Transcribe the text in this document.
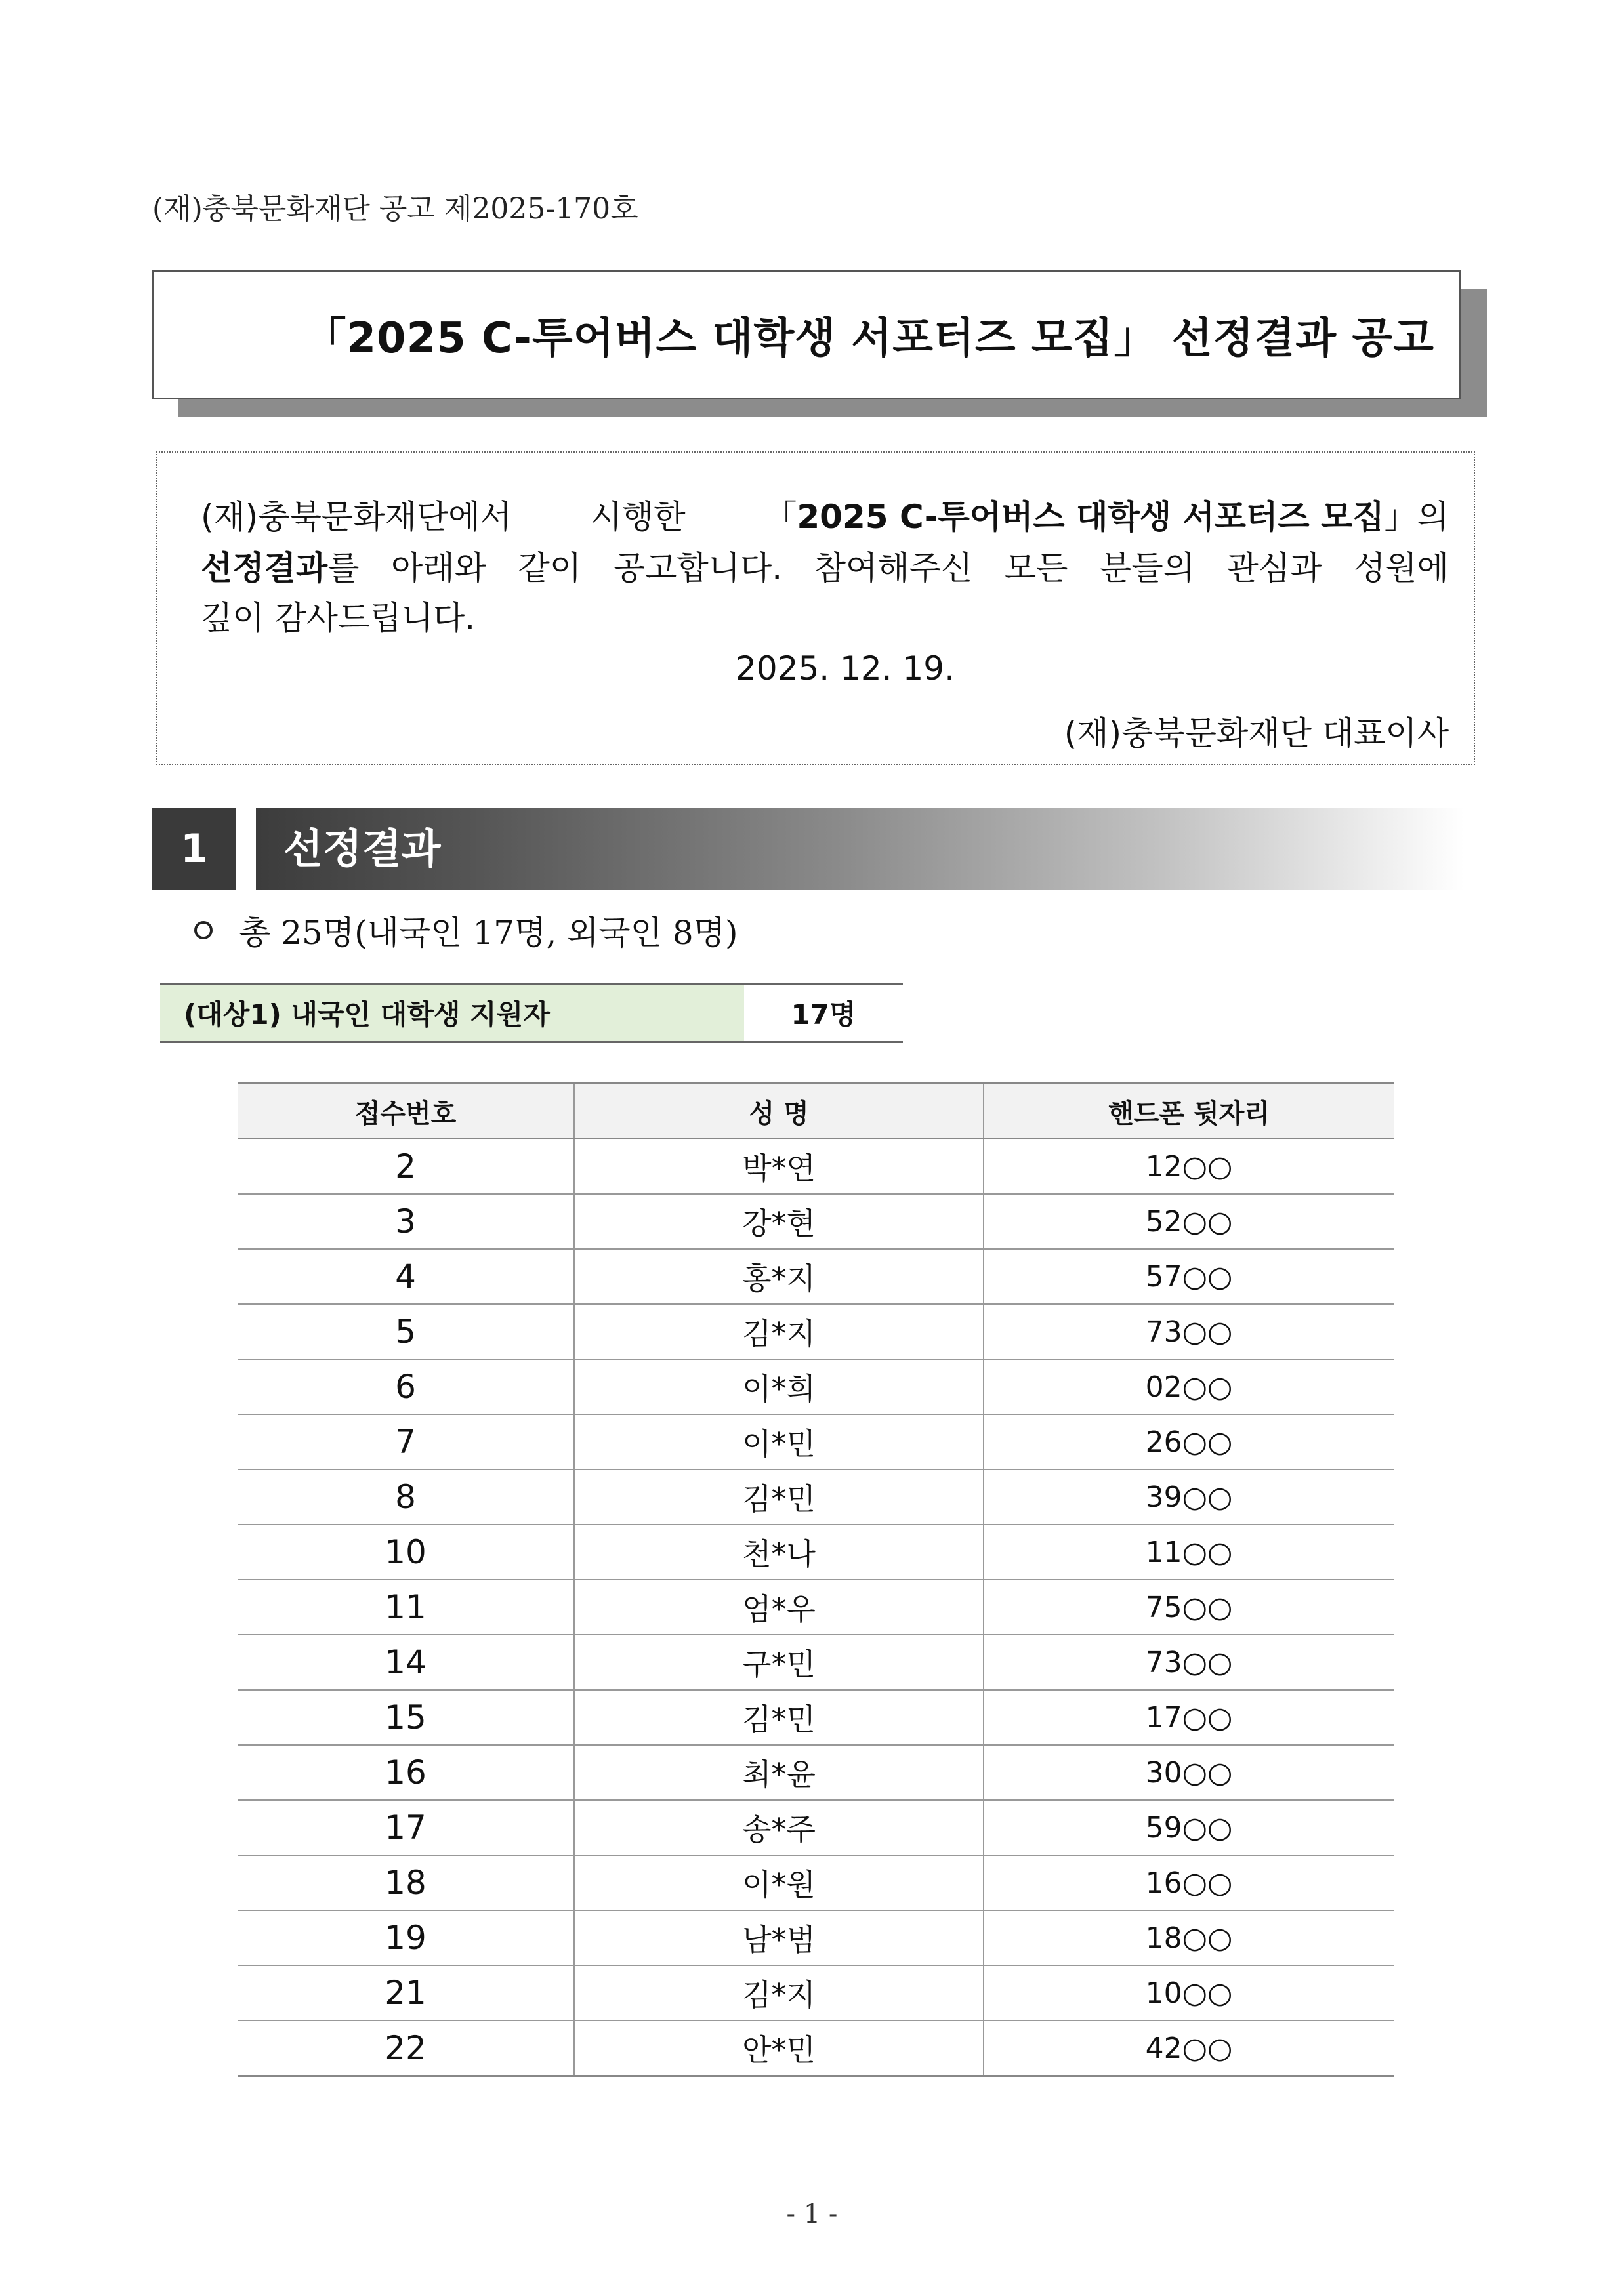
(재)충북문화재단 공고 제2025-170호
「2025 C-투어버스 대학생 서포터즈 모집」 선정결과 공고
(재)충북문화재단에서 시행한 「2025 C-투어버스 대학생 서포터즈 모집」의
선정결과를 아래와 같이 공고합니다. 참여해주신 모든 분들의 관심과 성원에
깊이 감사드립니다.
2025. 12. 19.
(재)충북문화재단 대표이사
1	선정결과
총 25명(내국인 17명, 외국인 8명)
(대상1) 내국인 대학생 지원자	17명
접수번호	성 명	핸드폰 뒷자리
2	박*연	12○○
3	강*현	52○○
4	홍*지	57○○
5	김*지	73○○
6	이*희	02○○
7	이*민	26○○
8	김*민	39○○
10	천*나	11○○
11	엄*우	75○○
14	구*민	73○○
15	김*민	17○○
16	최*윤	30○○
17	송*주	59○○
18	이*원	16○○
19	남*범	18○○
21	김*지	10○○
22	안*민	42○○
- 1 -
